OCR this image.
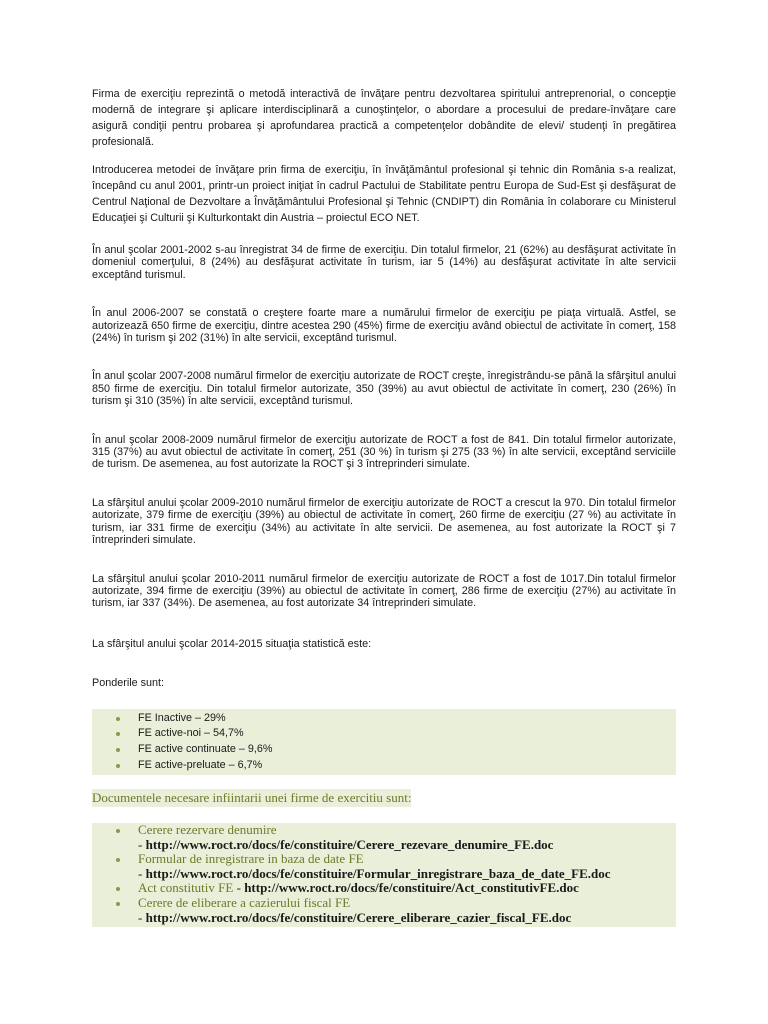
Firma de exerciţiu reprezintă o metodă interactivă de învăţare pentru dezvoltarea spiritului antreprenorial, o concepţie modernă de integrare şi aplicare interdisciplinară a cunoştinţelor, o abordare a procesului de predare-învăţare care asigură condiţii pentru probarea şi aprofundarea practică a competenţelor dobândite de elevi/ studenţi în pregătirea profesională.

Introducerea metodei de învăţare prin firma de exerciţiu, în învăţământul profesional şi tehnic din România s-a realizat, începând cu anul 2001, printr-un proiect iniţiat în cadrul Pactului de Stabilitate pentru Europa de Sud-Est şi desfăşurat de Centrul Naţional de Dezvoltare a Învăţământului Profesional şi Tehnic (CNDIPT) din România în colaborare cu Ministerul Educaţiei şi Culturii şi Kulturkontakt din Austria – proiectul ECO NET.

În anul şcolar 2001-2002 s-au înregistrat 34 de firme de exerciţiu. Din totalul firmelor, 21 (62%) au desfăşurat activitate în domeniul comerţului, 8 (24%) au desfăşurat activitate în turism, iar 5 (14%) au desfăşurat activitate în alte servicii exceptând turismul.

În anul 2006-2007 se constată o creştere foarte mare a numărului firmelor de exerciţiu pe piaţa virtuală. Astfel, se autorizează 650 firme de exerciţiu, dintre acestea 290 (45%) firme de exerciţiu având obiectul de activitate în comerţ, 158 (24%) în turism şi 202 (31%) în alte servicii, exceptând turismul.

În anul şcolar 2007-2008 numărul firmelor de exerciţiu autorizate de ROCT creşte, înregistrându-se până la sfârşitul anului 850 firme de exerciţiu. Din totalul firmelor autorizate, 350 (39%) au avut obiectul de activitate în comerţ, 230 (26%) în turism şi 310 (35%) în alte servicii, exceptând turismul.

În anul şcolar 2008-2009 numărul firmelor de exerciţiu autorizate de ROCT a fost de 841. Din totalul firmelor autorizate, 315 (37%) au avut obiectul de activitate în comerţ, 251 (30 %) în turism şi 275 (33 %) în alte servicii, exceptând serviciile de turism. De asemenea, au fost autorizate la ROCT şi 3 întreprinderi simulate.

La sfârşitul anului şcolar 2009-2010 numărul firmelor de exerciţiu autorizate de ROCT a crescut la 970. Din totalul firmelor autorizate, 379 firme de exerciţiu (39%) au obiectul de activitate în comerţ, 260 firme de exerciţiu (27 %) au activitate în turism, iar 331 firme de exerciţiu (34%) au activitate în alte servicii. De asemenea, au fost autorizate la ROCT şi 7 întreprinderi simulate.

La sfârşitul anului şcolar 2010-2011 numărul firmelor de exerciţiu autorizate de ROCT a fost de 1017.Din totalul firmelor autorizate, 394 firme de exerciţiu (39%) au obiectul de activitate în comerţ, 286 firme de exerciţiu (27%) au activitate în turism, iar 337 (34%). De asemenea, au fost autorizate 34 întreprinderi simulate.

La sfârşitul anului şcolar 2014-2015 situaţia statistică este:

Ponderile sunt:

FE Inactive – 29%
FE active-noi – 54,7%
FE active continuate – 9,6%
FE active-preluate – 6,7%
Documentele necesare infiintarii unei firme de exercitiu sunt:
Cerere rezervare denumire
- http://www.roct.ro/docs/fe/constituire/Cerere_rezevare_denumire_FE.doc
Formular de inregistrare in baza de date FE
- http://www.roct.ro/docs/fe/constituire/Formular_inregistrare_baza_de_date_FE.doc
Act constitutiv FE - http://www.roct.ro/docs/fe/constituire/Act_constitutivFE.doc
Cerere de eliberare a cazierului fiscal FE
- http://www.roct.ro/docs/fe/constituire/Cerere_eliberare_cazier_fiscal_FE.doc
